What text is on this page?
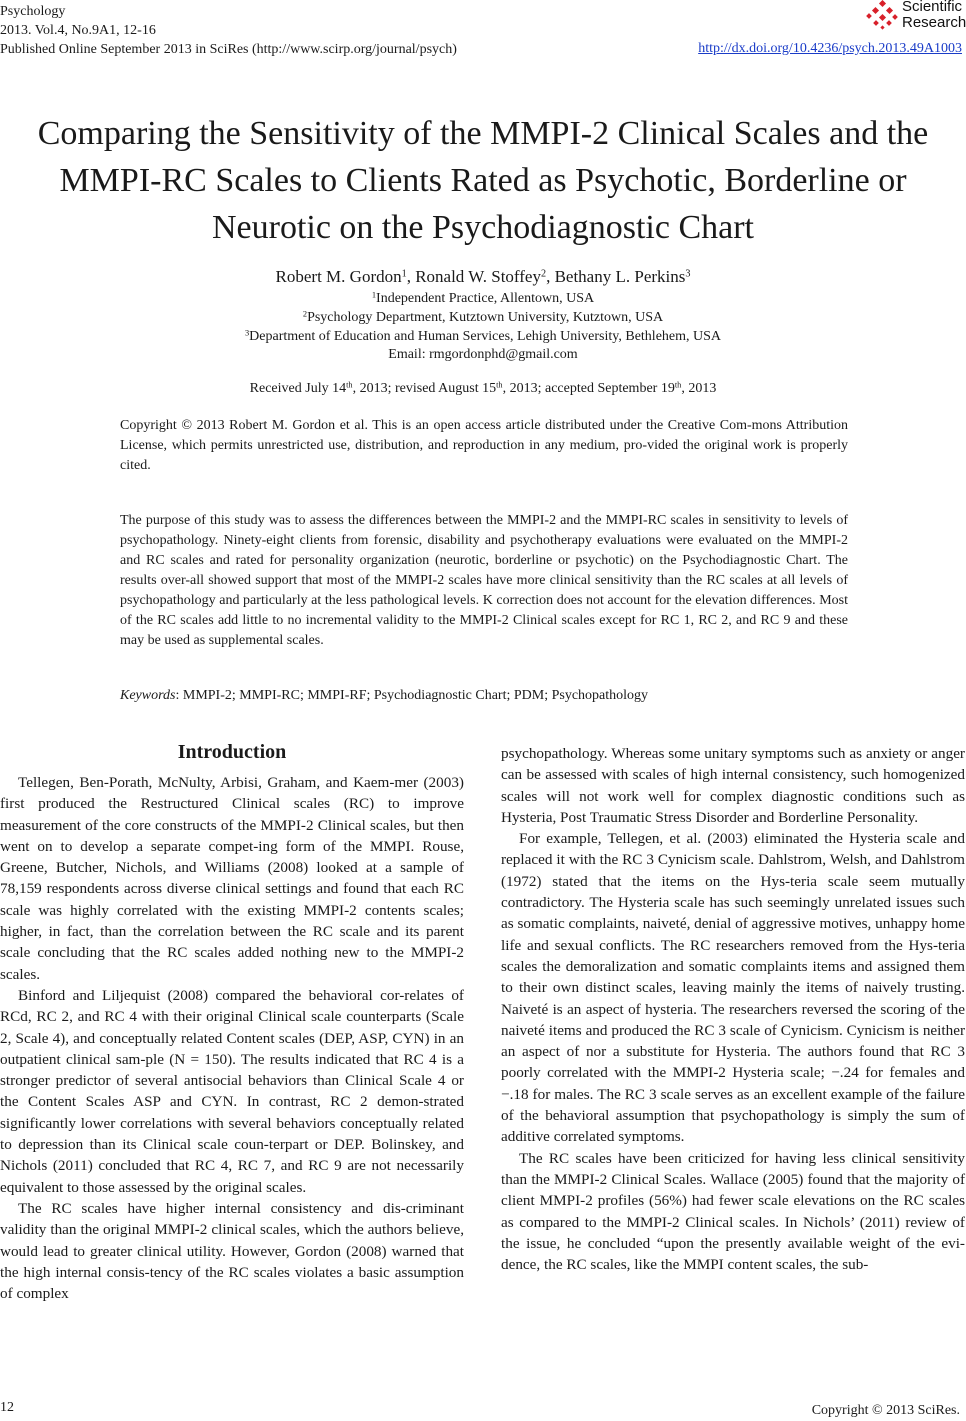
Psychology
2013. Vol.4, No.9A1, 12-16
Published Online September 2013 in SciRes (http://www.scirp.org/journal/psych)	http://dx.doi.org/10.4236/psych.2013.49A1003
Scientific
Research
Comparing the Sensitivity of the MMPI-2 Clinical Scales and the MMPI-RC Scales to Clients Rated as Psychotic, Borderline or Neurotic on the Psychodiagnostic Chart
Robert M. Gordon$^1$, Ronald W. Stoffey$^2$, Bethany L. Perkins$^3$
$^1$Independent Practice, Allentown, USA
$^2$Psychology Department, Kutztown University, Kutztown, USA
$^3$Department of Education and Human Services, Lehigh University, Bethlehem, USA
Email: rmgordonphd@gmail.com
Received July 14th, 2013; revised August 15th, 2013; accepted September 19th, 2013
Copyright © 2013 Robert M. Gordon et al. This is an open access article distributed under the Creative Com-mons Attribution License, which permits unrestricted use, distribution, and reproduction in any medium, pro-vided the original work is properly cited.
The purpose of this study was to assess the differences between the MMPI-2 and the MMPI-RC scales in sensitivity to levels of psychopathology. Ninety-eight clients from forensic, disability and psychotherapy evaluations were evaluated on the MMPI-2 and RC scales and rated for personality organization (neurotic, borderline or psychotic) on the Psychodiagnostic Chart. The results over-all showed support that most of the MMPI-2 scales have more clinical sensitivity than the RC scales at all levels of psychopathology and particularly at the less pathological levels. K correction does not account for the elevation differences. Most of the RC scales add little to no incremental validity to the MMPI-2 Clinical scales except for RC 1, RC 2, and RC 9 and these may be used as supplemental scales.
Keywords: MMPI-2; MMPI-RC; MMPI-RF; Psychodiagnostic Chart; PDM; Psychopathology
Introduction

Tellegen, Ben-Porath, McNulty, Arbisi, Graham, and Kaem-mer (2003) first produced the Restructured Clinical scales (RC) to improve measurement of the core constructs of the MMPI-2 Clinical scales, but then went on to develop a separate compet-ing form of the MMPI. Rouse, Greene, Butcher, Nichols, and Williams (2008) looked at a sample of 78,159 respondents across diverse clinical settings and found that each RC scale was highly correlated with the existing MMPI-2 contents scales; higher, in fact, than the correlation between the RC scale and its parent scale concluding that the RC scales added nothing new to the MMPI-2 scales.

Binford and Liljequist (2008) compared the behavioral cor-relates of RCd, RC 2, and RC 4 with their original Clinical scale counterparts (Scale 2, Scale 4), and conceptually related Content scales (DEP, ASP, CYN) in an outpatient clinical sam-ple (N = 150). The results indicated that RC 4 is a stronger predictor of several antisocial behaviors than Clinical Scale 4 or the Content Scales ASP and CYN. In contrast, RC 2 demon-strated significantly lower correlations with several behaviors conceptually related to depression than its Clinical scale coun-terpart or DEP. Bolinskey, and Nichols (2011) concluded that RC 4, RC 7, and RC 9 are not necessarily equivalent to those assessed by the original scales.

The RC scales have higher internal consistency and dis-criminant validity than the original MMPI-2 clinical scales, which the authors believe, would lead to greater clinical utility. However, Gordon (2008) warned that the high internal consis-tency of the RC scales violates a basic assumption of complex

psychopathology. Whereas some unitary symptoms such as anxiety or anger can be assessed with scales of high internal consistency, such homogenized scales will not work well for complex diagnostic conditions such as Hysteria, Post Traumatic Stress Disorder and Borderline Personality.

For example, Tellegen, et al. (2003) eliminated the Hysteria scale and replaced it with the RC 3 Cynicism scale. Dahlstrom, Welsh, and Dahlstrom (1972) stated that the items on the Hys-teria scale seem mutually contradictory. The Hysteria scale has such seemingly unrelated issues such as somatic complaints, naiveté, denial of aggressive motives, unhappy home life and sexual conflicts. The RC researchers removed from the Hys-teria scales the demoralization and somatic complaints items and assigned them to their own distinct scales, leaving mainly the items of naively trusting. Naiveté is an aspect of hysteria. The researchers reversed the scoring of the naiveté items and produced the RC 3 scale of Cynicism. Cynicism is neither an aspect of nor a substitute for Hysteria. The authors found that RC 3 poorly correlated with the MMPI-2 Hysteria scale; −.24 for females and −.18 for males. The RC 3 scale serves as an excellent example of the failure of the behavioral assumption that psychopathology is simply the sum of additive correlated symptoms.

The RC scales have been criticized for having less clinical sensitivity than the MMPI-2 Clinical Scales. Wallace (2005) found that the majority of client MMPI-2 profiles (56%) had fewer scale elevations on the RC scales as compared to the MMPI-2 Clinical scales. In Nichols’ (2011) review of the issue, he concluded “upon the presently available weight of the evi-dence, the RC scales, like the MMPI content scales, the sub-

12	Copyright © 2013 SciRes.
